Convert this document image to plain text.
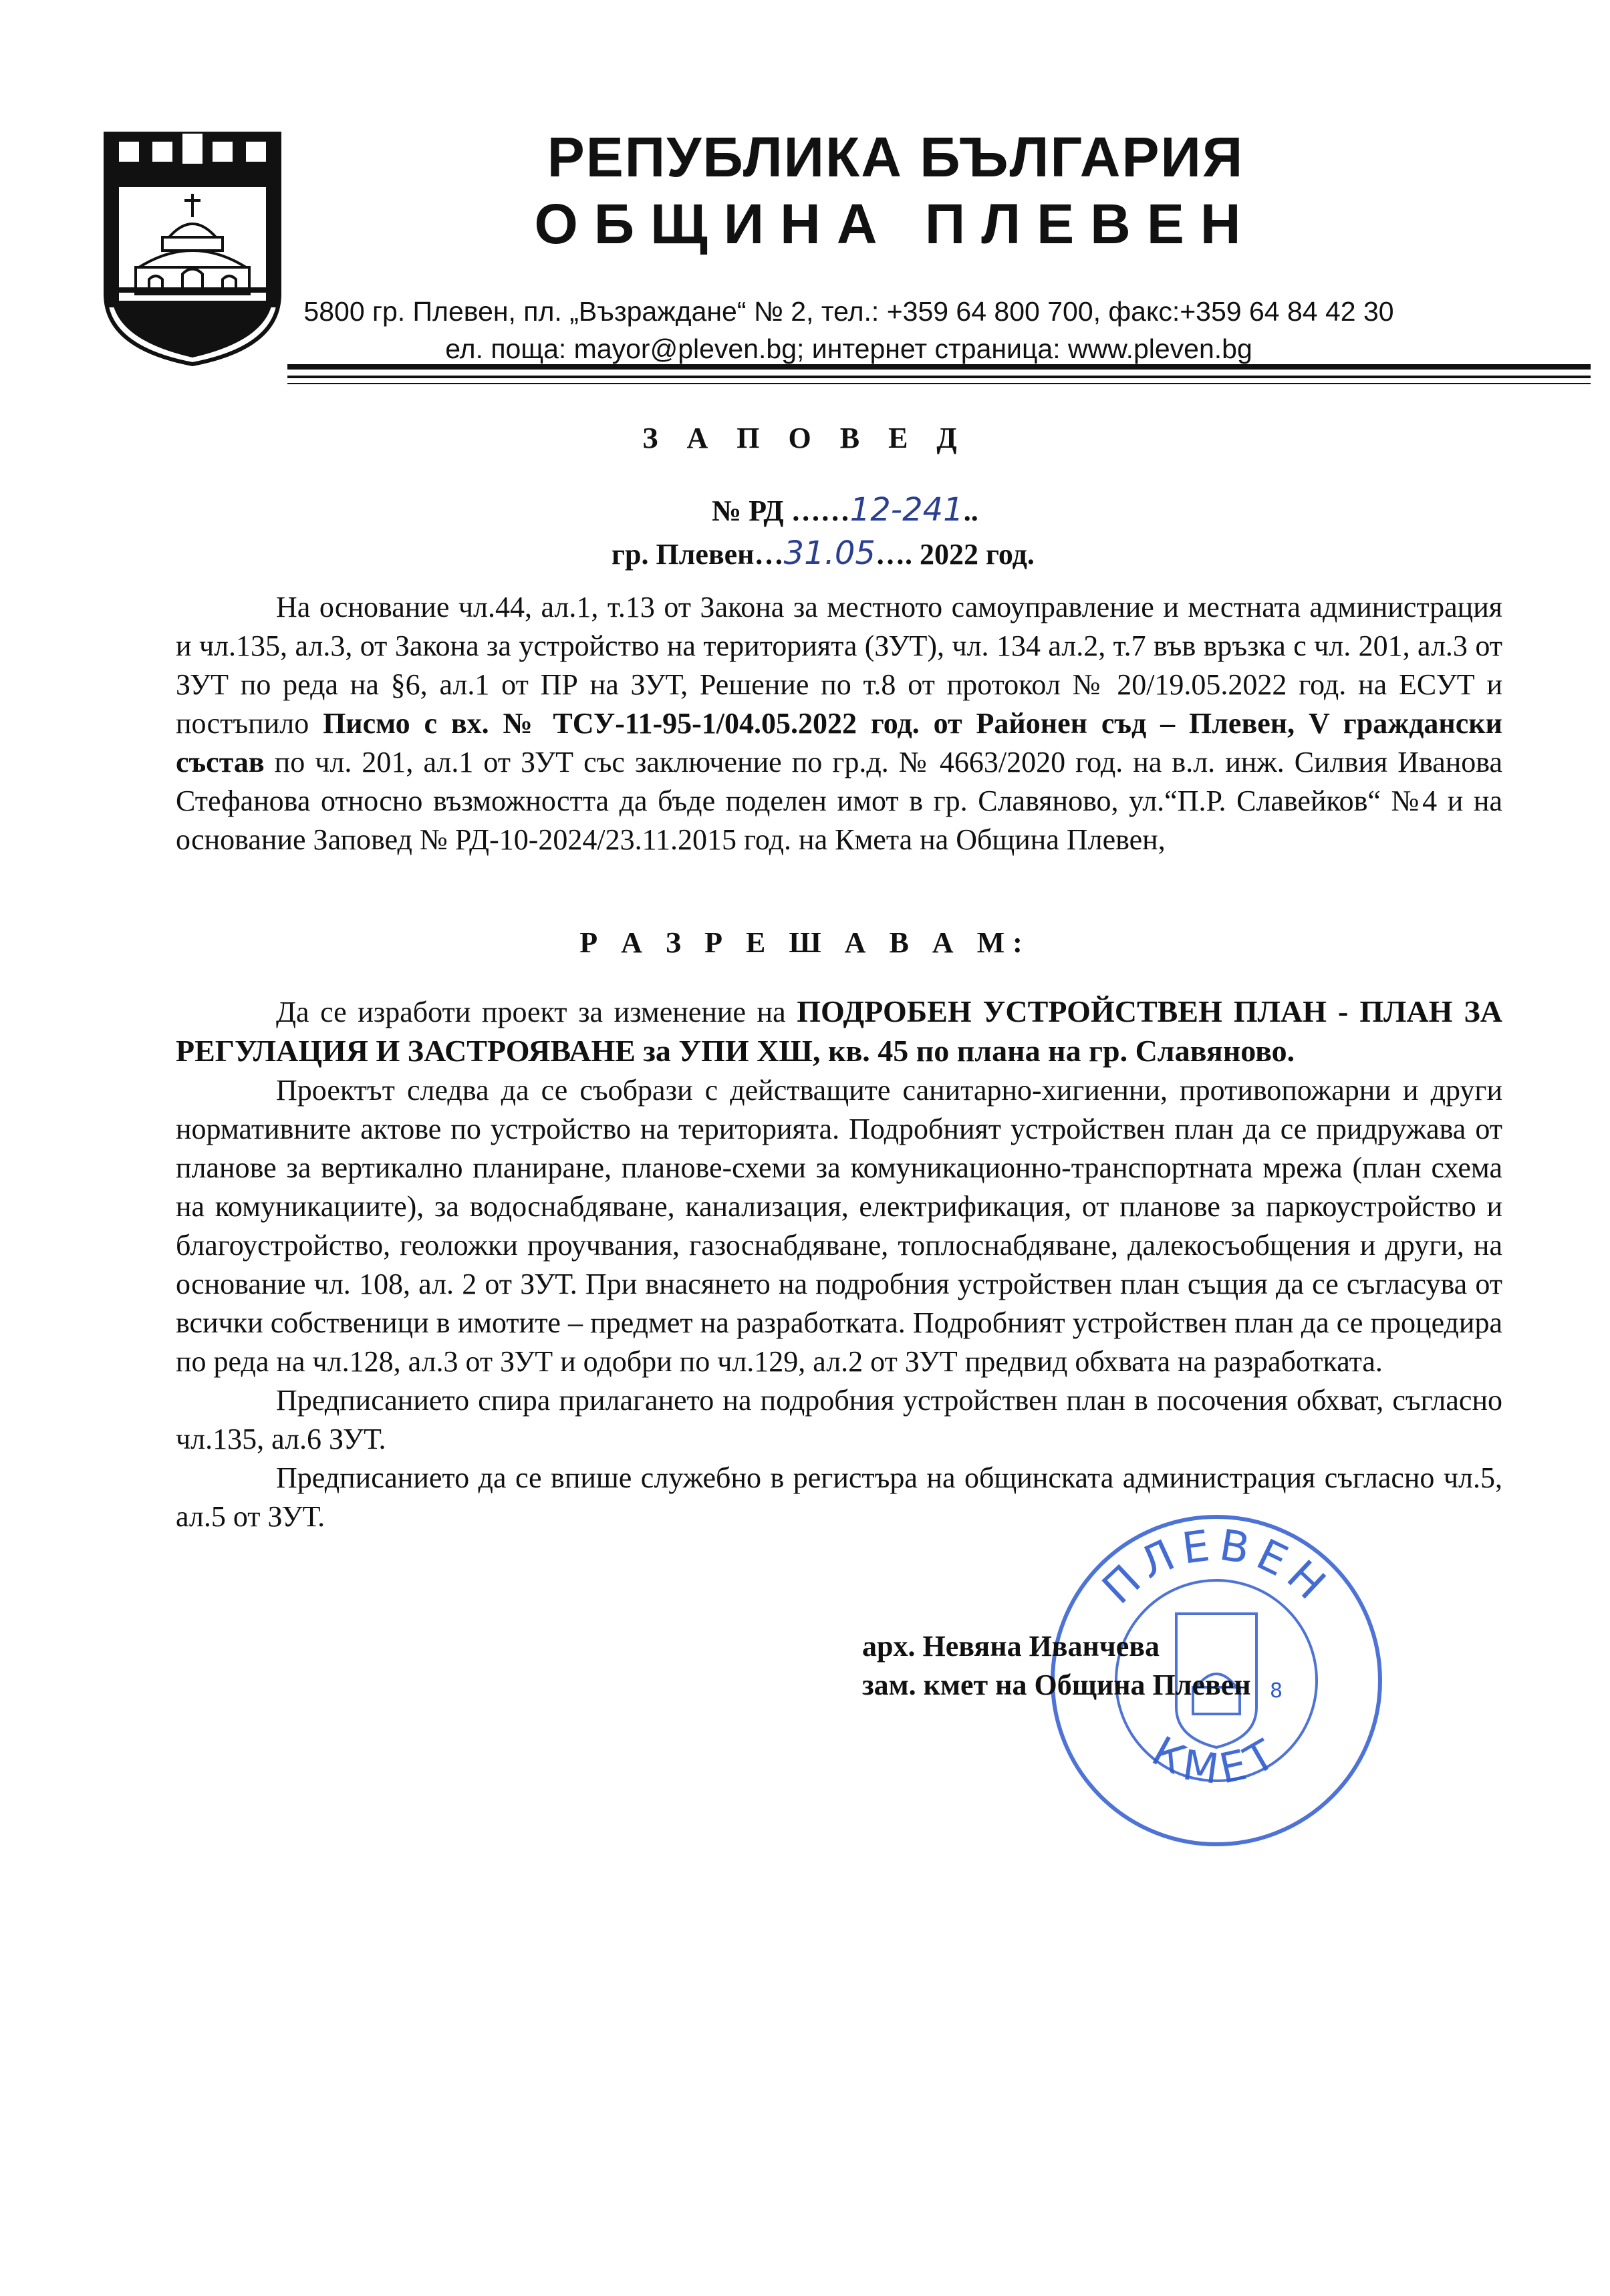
РЕПУБЛИКА БЪЛГАРИЯ
ОБЩИНА ПЛЕВЕН
5800 гр. Плевен, пл. „Възраждане“ № 2, тел.: +359 64 800 700, факс:+359 64 84 42 30
ел. поща: mayor@pleven.bg; интернет страница: www.pleven.bg
З А П О В Е Д
№ РД ……12-241..
гр. Плевен…31.05…. 2022 год.

На основание чл.44, ал.1, т.13 от Закона за местното самоуправление и местната администрация и чл.135, ал.3, от Закона за устройство на територията (ЗУТ), чл. 134 ал.2, т.7 във връзка с чл. 201, ал.3 от ЗУТ по реда на §6, ал.1 от ПР на ЗУТ, Решение по т.8 от протокол № 20/19.05.2022 год. на ЕСУТ и постъпило Писмо с вх. № ТСУ-11-95-1/04.05.2022 год. от Районен съд – Плевен, V граждански състав по чл. 201, ал.1 от ЗУТ със заключение по гр.д. № 4663/2020 год. на в.л. инж. Силвия Иванова Стефанова относно възможността да бъде поделен имот в гр. Славяново, ул.“П.Р. Славейков“ №4 и на основание Заповед № РД-10-2024/23.11.2015 год. на Кмета на Община Плевен,

Р А З Р Е Ш А В А М:

Да се изработи проект за изменение на ПОДРОБЕН УСТРОЙСТВЕН ПЛАН - ПЛАН ЗА РЕГУЛАЦИЯ И ЗАСТРОЯВАНЕ за УПИ ХШ, кв. 45 по плана на гр. Славяново.

Проектът следва да се съобрази с действащите санитарно-хигиенни, противопожарни и други нормативните актове по устройство на територията. Подробният устройствен план да се придружава от планове за вертикално планиране, планове-схеми за комуникационно-транспортната мрежа (план схема на комуникациите), за водоснабдяване, канализация, електрификация, от планове за паркоустройство и благоустройство, геоложки проучвания, газоснабдяване, топлоснабдяване, далекосъобщения и други, на основание чл. 108, ал. 2 от ЗУТ. При внасянето на подробния устройствен план същия да се съгласува от всички собственици в имотите – предмет на разработката. Подробният устройствен план да се процедира по реда на чл.128, ал.3 от ЗУТ и одобри по чл.129, ал.2 от ЗУТ предвид обхвата на разработката.

Предписанието спира прилагането на подробния устройствен план в посочения обхват, съгласно чл.135, ал.6 ЗУТ.

Предписанието да се впише служебно в регистъра на общинската администрация съгласно чл.5, ал.5 от ЗУТ.

8
ПЛЕВЕН
КМЕТ
арх. Невяна Иванчева
зам. кмет на Община Плевен
